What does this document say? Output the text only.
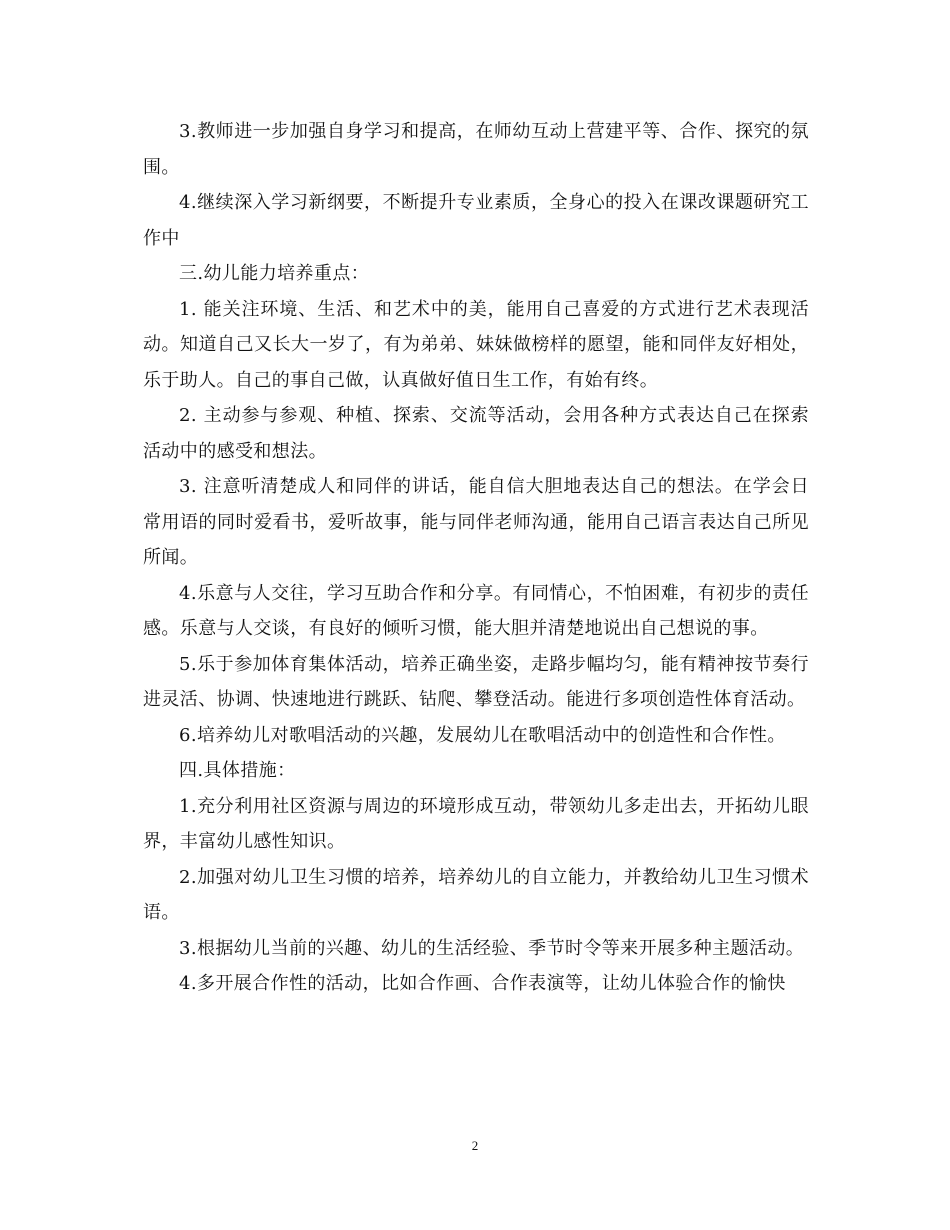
3.教师进一步加强自身学习和提高，在师幼互动上营建平等、合作、探究的氛围。

4.继续深入学习新纲要，不断提升专业素质，全身心的投入在课改课题研究工作中

三.幼儿能力培养重点：

1. 能关注环境、生活、和艺术中的美，能用自己喜爱的方式进行艺术表现活动。知道自己又长大一岁了，有为弟弟、妹妹做榜样的愿望，能和同伴友好相处，乐于助人。自己的事自己做，认真做好值日生工作，有始有终。

2. 主动参与参观、种植、探索、交流等活动，会用各种方式表达自己在探索活动中的感受和想法。

3. 注意听清楚成人和同伴的讲话，能自信大胆地表达自己的想法。在学会日常用语的同时爱看书，爱听故事，能与同伴老师沟通，能用自己语言表达自己所见所闻。

4.乐意与人交往，学习互助合作和分享。有同情心，不怕困难，有初步的责任感。乐意与人交谈，有良好的倾听习惯，能大胆并清楚地说出自己想说的事。

5.乐于参加体育集体活动，培养正确坐姿，走路步幅均匀，能有精神按节奏行进灵活、协调、快速地进行跳跃、钻爬、攀登活动。能进行多项创造性体育活动。

6.培养幼儿对歌唱活动的兴趣，发展幼儿在歌唱活动中的创造性和合作性。

四.具体措施：

1.充分利用社区资源与周边的环境形成互动，带领幼儿多走出去，开拓幼儿眼界，丰富幼儿感性知识。

2.加强对幼儿卫生习惯的培养，培养幼儿的自立能力，并教给幼儿卫生习惯术语。

3.根据幼儿当前的兴趣、幼儿的生活经验、季节时令等来开展多种主题活动。

4.多开展合作性的活动，比如合作画、合作表演等，让幼儿体验合作的愉快

2
